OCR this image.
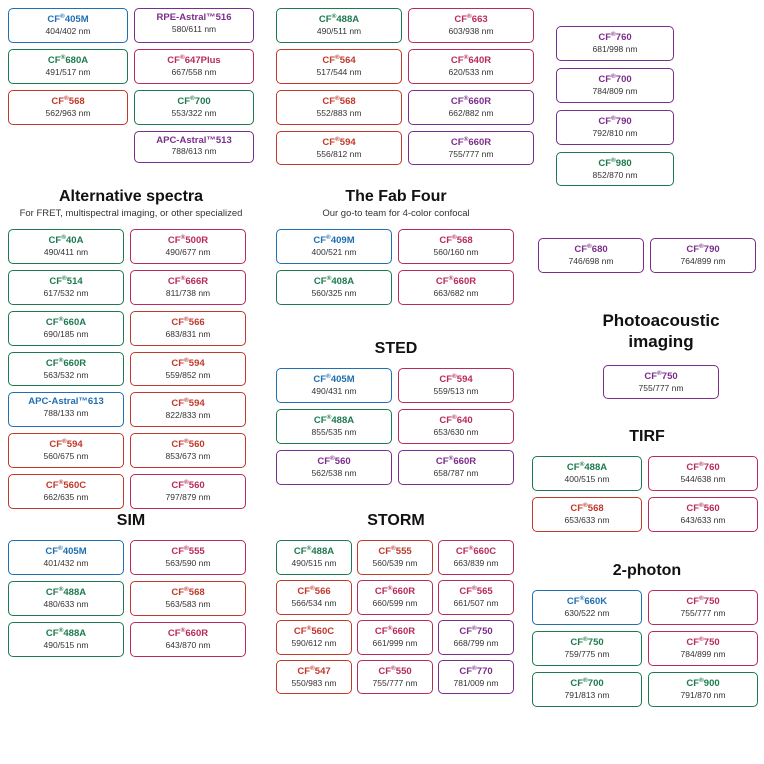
CF®405M
404/402 nm
RPE-Astral™516
580/611 nm
CF®680A
491/517 nm
CF®647Plus
667/558 nm
CF®568
562/963 nm
CF®700
553/322 nm
APC-Astral™513
788/613 nm
CF®488A
490/511 nm
CF®663
603/938 nm
CF®564
517/544 nm
CF®640R
620/533 nm
CF®568
552/883 nm
CF®660R
662/882 nm
CF®594
556/812 nm
CF®660R
755/777 nm
CF®760
681/998 nm
CF®700
784/809 nm
CF®790
792/810 nm
CF®980
852/870 nm
Alternative spectra
For FRET, multispectral imaging, or other specialized
CF®40A
490/411 nm
CF®500R
490/677 nm
CF®514
617/532 nm
CF®666R
811/738 nm
CF®660A
690/185 nm
CF®566
683/831 nm
CF®660R
563/532 nm
CF®594
559/852 nm
APC-Astral™613
788/133 nm
CF®594
822/833 nm
CF®594
560/675 nm
CF®560
853/673 nm
CF®560C
662/635 nm
CF®560
797/879 nm
The Fab Four
Our go-to team for 4-color confocal
CF®409M
400/521 nm
CF®568
560/160 nm
CF®408A
560/325 nm
CF®660R
663/682 nm
STED
CF®405M
490/431 nm
CF®594
559/513 nm
CF®488A
855/535 nm
CF®640
653/630 nm
CF®560
562/538 nm
CF®660R
658/787 nm
SIM
CF®405M
401/432 nm
CF®555
563/590 nm
CF®488A
480/633 nm
CF®568
563/583 nm
CF®488A
490/515 nm
CF®660R
643/870 nm
STORM
CF®488A
490/515 nm
CF®555
560/539 nm
CF®660C
663/839 nm
CF®566
566/534 nm
CF®660R
660/599 nm
CF®565
661/507 nm
CF®560C
590/612 nm
CF®660R
661/999 nm
CF®750
668/799 nm
CF®547
550/983 nm
CF®550
755/777 nm
CF®770
781/009 nm
CF®680
746/698 nm
CF®790
764/899 nm
Photoacoustic imaging
CF®750
755/777 nm
TIRF
CF®488A
400/515 nm
CF®760
544/638 nm
CF®568
653/633 nm
CF®560
643/633 nm
2-photon
CF®660K
630/522 nm
CF®750
755/777 nm
CF®750
759/775 nm
CF®750
784/899 nm
CF®700
791/813 nm
CF®900
791/870 nm
